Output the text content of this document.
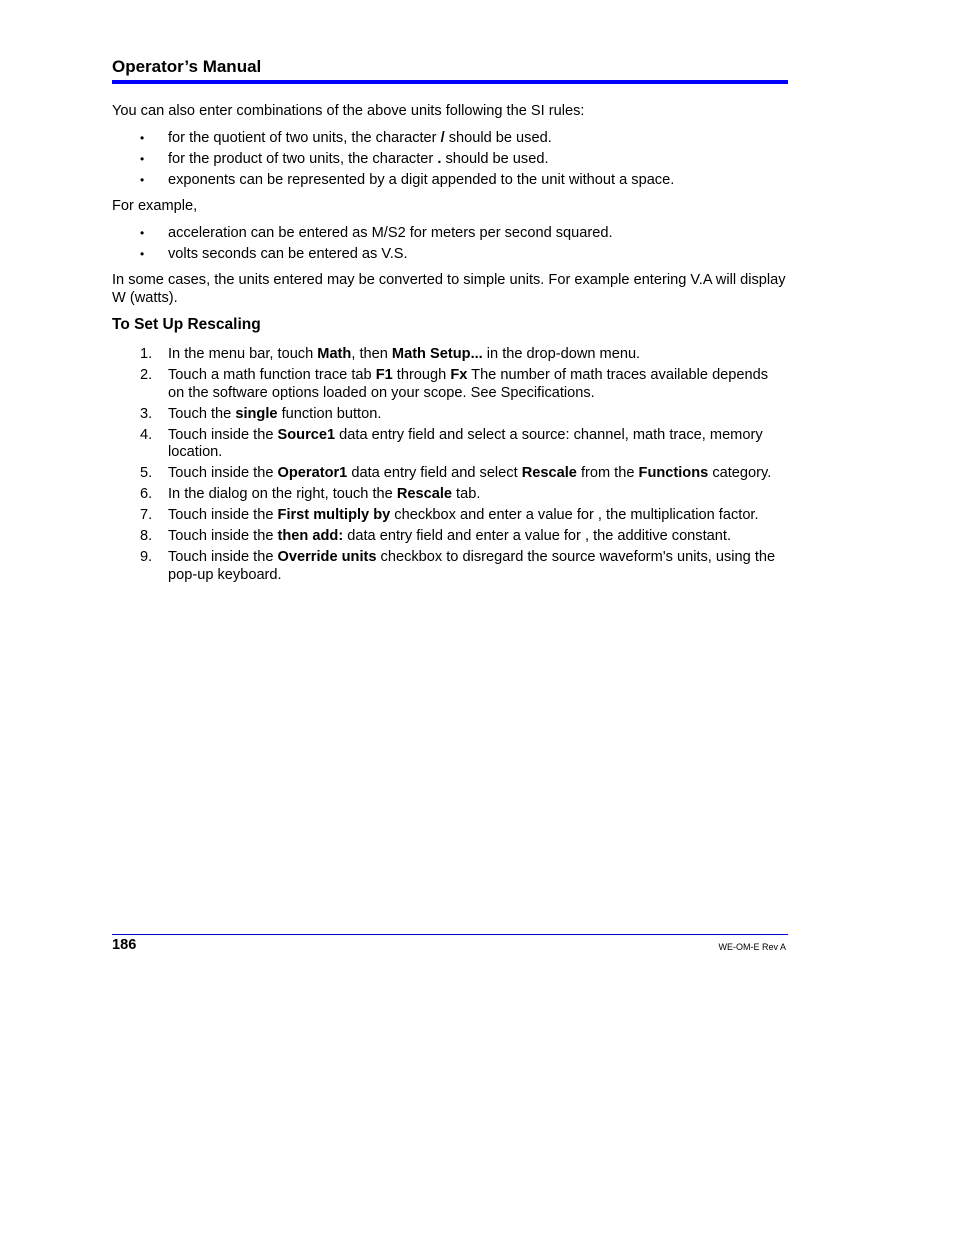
Operator’s Manual

You can also enter combinations of the above units following the SI rules:

• for the quotient of two units, the character / should be used.
• for the product of two units, the character . should be used.
• exponents can be represented by a digit appended to the unit without a space.

For example,

• acceleration can be entered as M/S2 for meters per second squared.
• volts seconds can be entered as V.S.

In some cases, the units entered may be converted to simple units. For example entering V.A will display W (watts).

To Set Up Rescaling
1. In the menu bar, touch Math, then Math Setup... in the drop-down menu.
2. Touch a math function trace tab F1 through Fx The number of math traces available depends on the software options loaded on your scope. See Specifications.
3. Touch the single function button.
4. Touch inside the Source1 data entry field and select a source: channel, math trace, memory location.
5. Touch inside the Operator1 data entry field and select Rescale from the Functions category.
6. In the dialog on the right, touch the Rescale tab.
7. Touch inside the First multiply by checkbox and enter a value for , the multiplication factor.
8. Touch inside the then add: data entry field and enter a value for , the additive constant.
9. Touch inside the Override units checkbox to disregard the source waveform's units, using the pop-up keyboard.
186	WE-OM-E Rev A
